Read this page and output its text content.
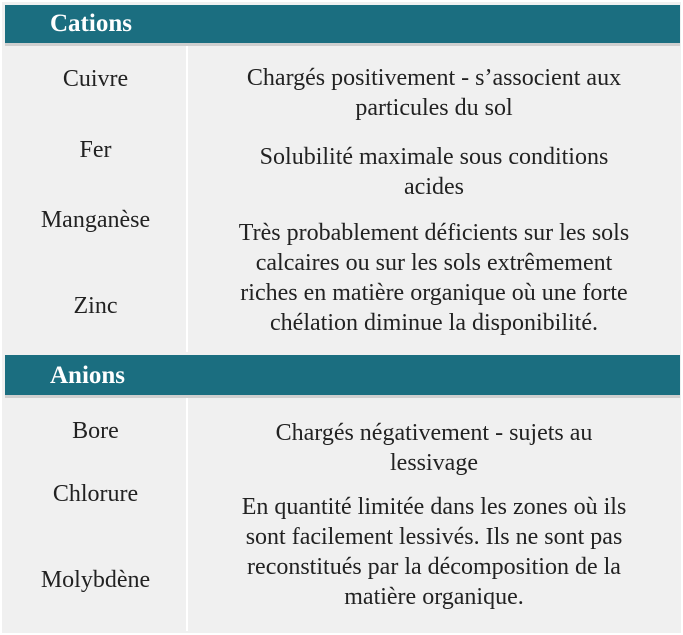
Cations
Cuivre
Fer
Manganèse
Zinc
Chargés positivement - s’associent aux
particules du sol
Solubilité maximale sous conditions
acides
Très probablement déficients sur les sols
calcaires ou sur les sols extrêmement
riches en matière organique où une forte
chélation diminue la disponibilité.
Anions
Bore
Chlorure
Molybdène
Chargés négativement - sujets au
lessivage
En quantité limitée dans les zones où ils
sont facilement lessivés. Ils ne sont pas
reconstitués par la décomposition de la
matière organique.
